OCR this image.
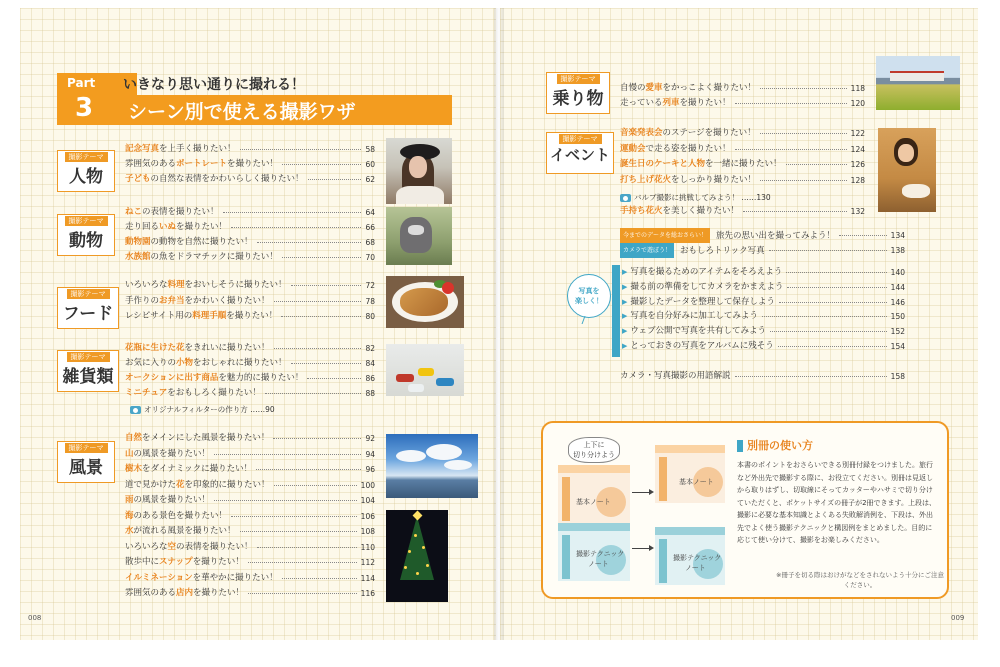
008	009
Part
3
いきなり思い通りに撮れる！
シーン別で使える撮影ワザ
撮影テーマ
人物
撮影テーマ
動物
撮影テーマ
フード
撮影テーマ
雑貨類
撮影テーマ
風景
撮影テーマ
乗り物
撮影テーマ
イベント
記念写真を上手く撮りたい！	58
雰囲気のあるポートレートを撮りたい！	60
子どもの自然な表情をかわいらしく撮りたい！	62
ねこの表情を撮りたい！	64
走り回るいぬを撮りたい！	66
動物園の動物を自然に撮りたい！	68
水族館の魚をドラマチックに撮りたい！	70
いろいろな料理をおいしそうに撮りたい！	72
手作りのお弁当をかわいく撮りたい！	78
レシピサイト用の料理手順を撮りたい！	80
花瓶に生けた花をきれいに撮りたい！	82
お気に入りの小物をおしゃれに撮りたい！	84
オークションに出す商品を魅力的に撮りたい！	86
ミニチュアをおもしろく撮りたい！	88
オリジナルフィルターの作り方 ……90
自然をメインにした風景を撮りたい！	92
山の風景を撮りたい！	94
樹木をダイナミックに撮りたい！	96
道で見かけた花を印象的に撮りたい！	100
雨の風景を撮りたい！	104
海のある景色を撮りたい！	106
水が流れる風景を撮りたい！	108
いろいろな空の表情を撮りたい！	110
散歩中にスナップを撮りたい！	112
イルミネーションを華やかに撮りたい！	114
雰囲気のある店内を撮りたい！	116
自慢の愛車をかっこよく撮りたい！	118
走っている列車を撮りたい！	120
音楽発表会のステージを撮りたい！	122
運動会で走る姿を撮りたい！	124
誕生日のケーキと人物を一緒に撮りたい！	126
打ち上げ花火をしっかり撮りたい！	128
バルブ撮影に挑戦してみよう！ ……130
手持ち花火を美しく撮りたい！	132
今までのデータを総おさらい！ 旅先の思い出を撮ってみよう！	134
カメラで遊ぼう！ おもしろトリック写真	138
写真を
楽しく！
▶ 写真を撮るためのアイテムをそろえよう	140
▶ 撮る前の準備をしてカメラをかまえよう	144
▶ 撮影したデータを整理して保存しよう	146
▶ 写真を自分好みに加工してみよう	150
▶ ウェブ公開で写真を共有してみよう	152
▶ とっておきの写真をアルバムに残そう	154
カメラ・写真撮影の用語解説	158
上下に
切り分けよう
基本ノート
撮影テクニック
ノート
基本ノート
撮影テクニック
ノート
別冊の使い方
本書のポイントをおさらいできる別冊付録をつけました。旅行など外出先で撮影する際に、お役立てください。別冊は見返しから取りはずし、切取線にそってカッターやハサミで切り分けていただくと、ポケットサイズの冊子が2冊できます。上段は、撮影に必要な基本知識とよくある失敗解消例を、下段は、外出先でよく使う撮影テクニックと構図例をまとめました。目的に応じて使い分けて、撮影をお楽しみください。
※冊子を切る際はおけがなどをされないよう十分にご注意ください。
